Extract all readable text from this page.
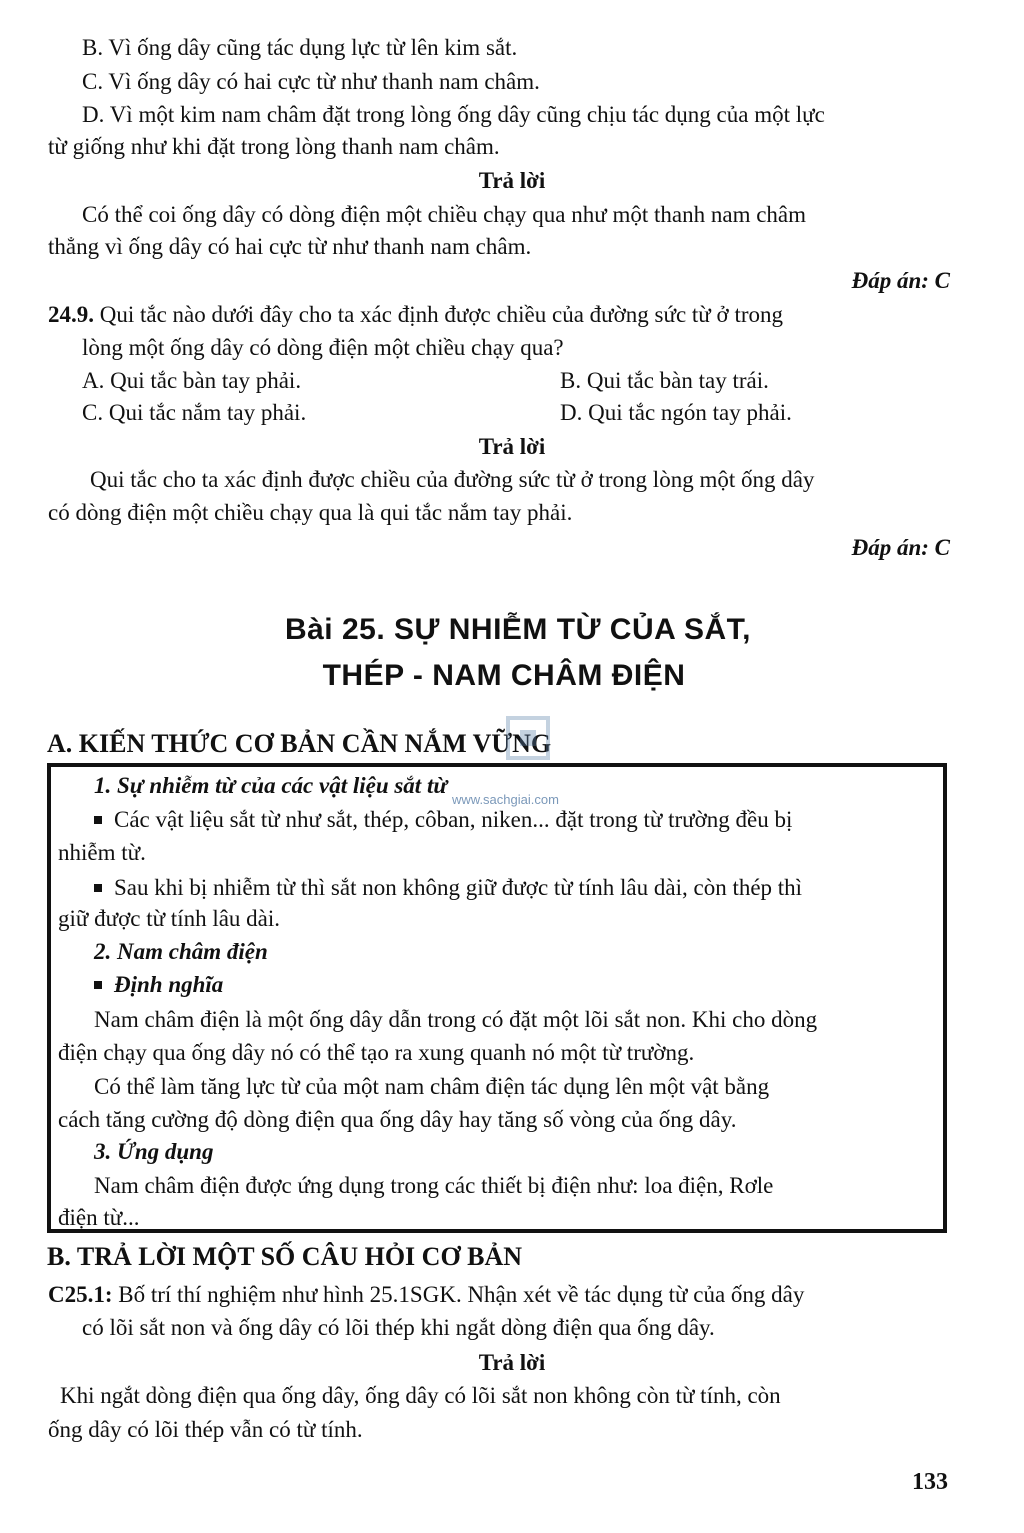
B. Vì ống dây cũng tác dụng lực từ lên kim sắt.
C. Vì ống dây có hai cực từ như thanh nam châm.
D. Vì một kim nam châm đặt trong lòng ống dây cũng chịu tác dụng của một lực
từ giống như khi đặt trong lòng thanh nam châm.
Trả lời
Có thể coi ống dây có dòng điện một chiều chạy qua như một thanh nam châm
thẳng vì ống dây có hai cực từ như thanh nam châm.
Đáp án: C
24.9. Qui tắc nào dưới đây cho ta xác định được chiều của đường sức từ ở trong
lòng một ống dây có dòng điện một chiều chạy qua?
A. Qui tắc bàn tay phải.	B. Qui tắc bàn tay trái.
C. Qui tắc nắm tay phải.	D. Qui tắc ngón tay phải.
Trả lời
Qui tắc cho ta xác định được chiều của đường sức từ ở trong lòng một ống dây
có dòng điện một chiều chạy qua là qui tắc nắm tay phải.
Đáp án: C
Bài 25. SỰ NHIỄM TỪ CỦA SẮT,
THÉP - NAM CHÂM ĐIỆN
A. KIẾN THỨC CƠ BẢN CẦN NẮM VỮNG
www.sachgiai.com
1. Sự nhiễm từ của các vật liệu sắt từ
Các vật liệu sắt từ như sắt, thép, côban, niken... đặt trong từ trường đều bị
nhiễm từ.
Sau khi bị nhiễm từ thì sắt non không giữ được từ tính lâu dài, còn thép thì
giữ được từ tính lâu dài.
2. Nam châm điện
Định nghĩa
Nam châm điện là một ống dây dẫn trong có đặt một lõi sắt non. Khi cho dòng
điện chạy qua ống dây nó có thể tạo ra xung quanh nó một từ trường.
Có thể làm tăng lực từ của một nam châm điện tác dụng lên một vật bằng
cách tăng cường độ dòng điện qua ống dây hay tăng số vòng của ống dây.
3. Ứng dụng
Nam châm điện được ứng dụng trong các thiết bị điện như: loa điện, Rơle
điện từ...
B. TRẢ LỜI MỘT SỐ CÂU HỎI CƠ BẢN
C25.1: Bố trí thí nghiệm như hình 25.1SGK. Nhận xét về tác dụng từ của ống dây
có lõi sắt non và ống dây có lõi thép khi ngắt dòng điện qua ống dây.
Trả lời
Khi ngắt dòng điện qua ống dây, ống dây có lõi sắt non không còn từ tính, còn
ống dây có lõi thép vẫn có từ tính.
133
